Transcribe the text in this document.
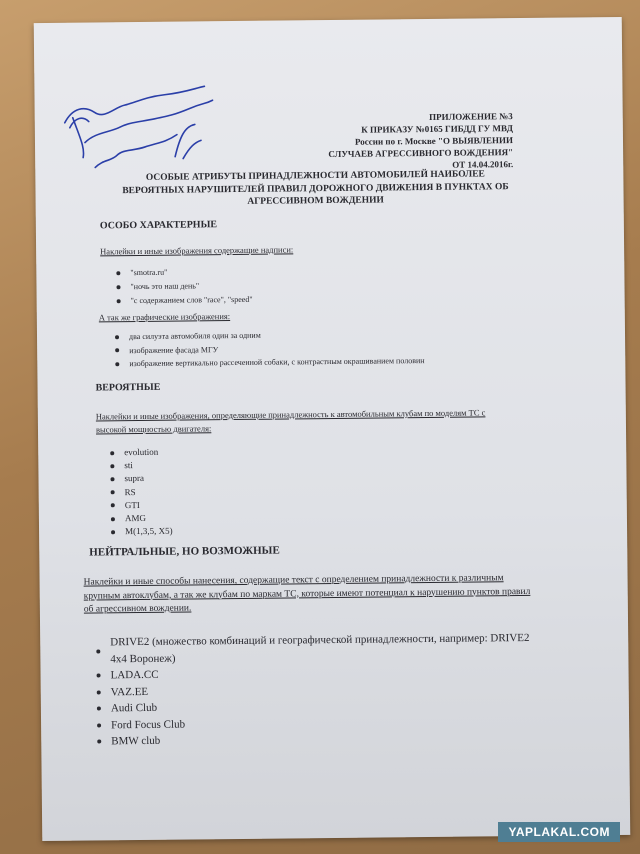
ПРИЛОЖЕНИЕ №3
К ПРИКАЗУ №0165 ГИБДД ГУ МВД
России по г. Москве "О ВЫЯВЛЕНИИ
СЛУЧАЕВ АГРЕССИВНОГО ВОЖДЕНИЯ"
ОТ 14.04.2016г.
ОСОБЫЕ АТРИБУТЫ ПРИНАДЛЕЖНОСТИ АВТОМОБИЛЕЙ НАИБОЛЕЕ ВЕРОЯТНЫХ НАРУШИТЕЛЕЙ ПРАВИЛ ДОРОЖНОГО ДВИЖЕНИЯ В ПУНКТАХ ОБ АГРЕССИВНОМ ВОЖДЕНИИ
ОСОБО ХАРАКТЕРНЫЕ
Наклейки и иные изображения содержащие надписи:
"smotra.ru"
"ночь это наш день"
"с содержанием слов "race", "speed"
А так же графические изображения:
два силуэта автомобиля один за одним
изображение фасада МГУ
изображение вертикально рассеченной собаки, с контрастным окрашиванием половин
ВЕРОЯТНЫЕ
Наклейки и иные изображения, определяющие принадлежность к автомобильным клубам по моделям ТС с высокой мощностью двигателя:
evolution
sti
supra
RS
GTI
AMG
M(1,3,5, X5)
НЕЙТРАЛЬНЫЕ, НО ВОЗМОЖНЫЕ
Наклейки и иные способы нанесения, содержащие текст с определением принадлежности к различным крупным автоклубам, а так же клубам по маркам ТС, которые имеют потенциал к нарушению пунктов правил об агрессивном вождении.
DRIVE2 (множество комбинаций и географической принадлежности, например: DRIVE2 4x4 Воронеж)
LADA.CC
VAZ.EE
Audi Club
Ford Focus Club
BMW club
YAPLAKAL.COM
